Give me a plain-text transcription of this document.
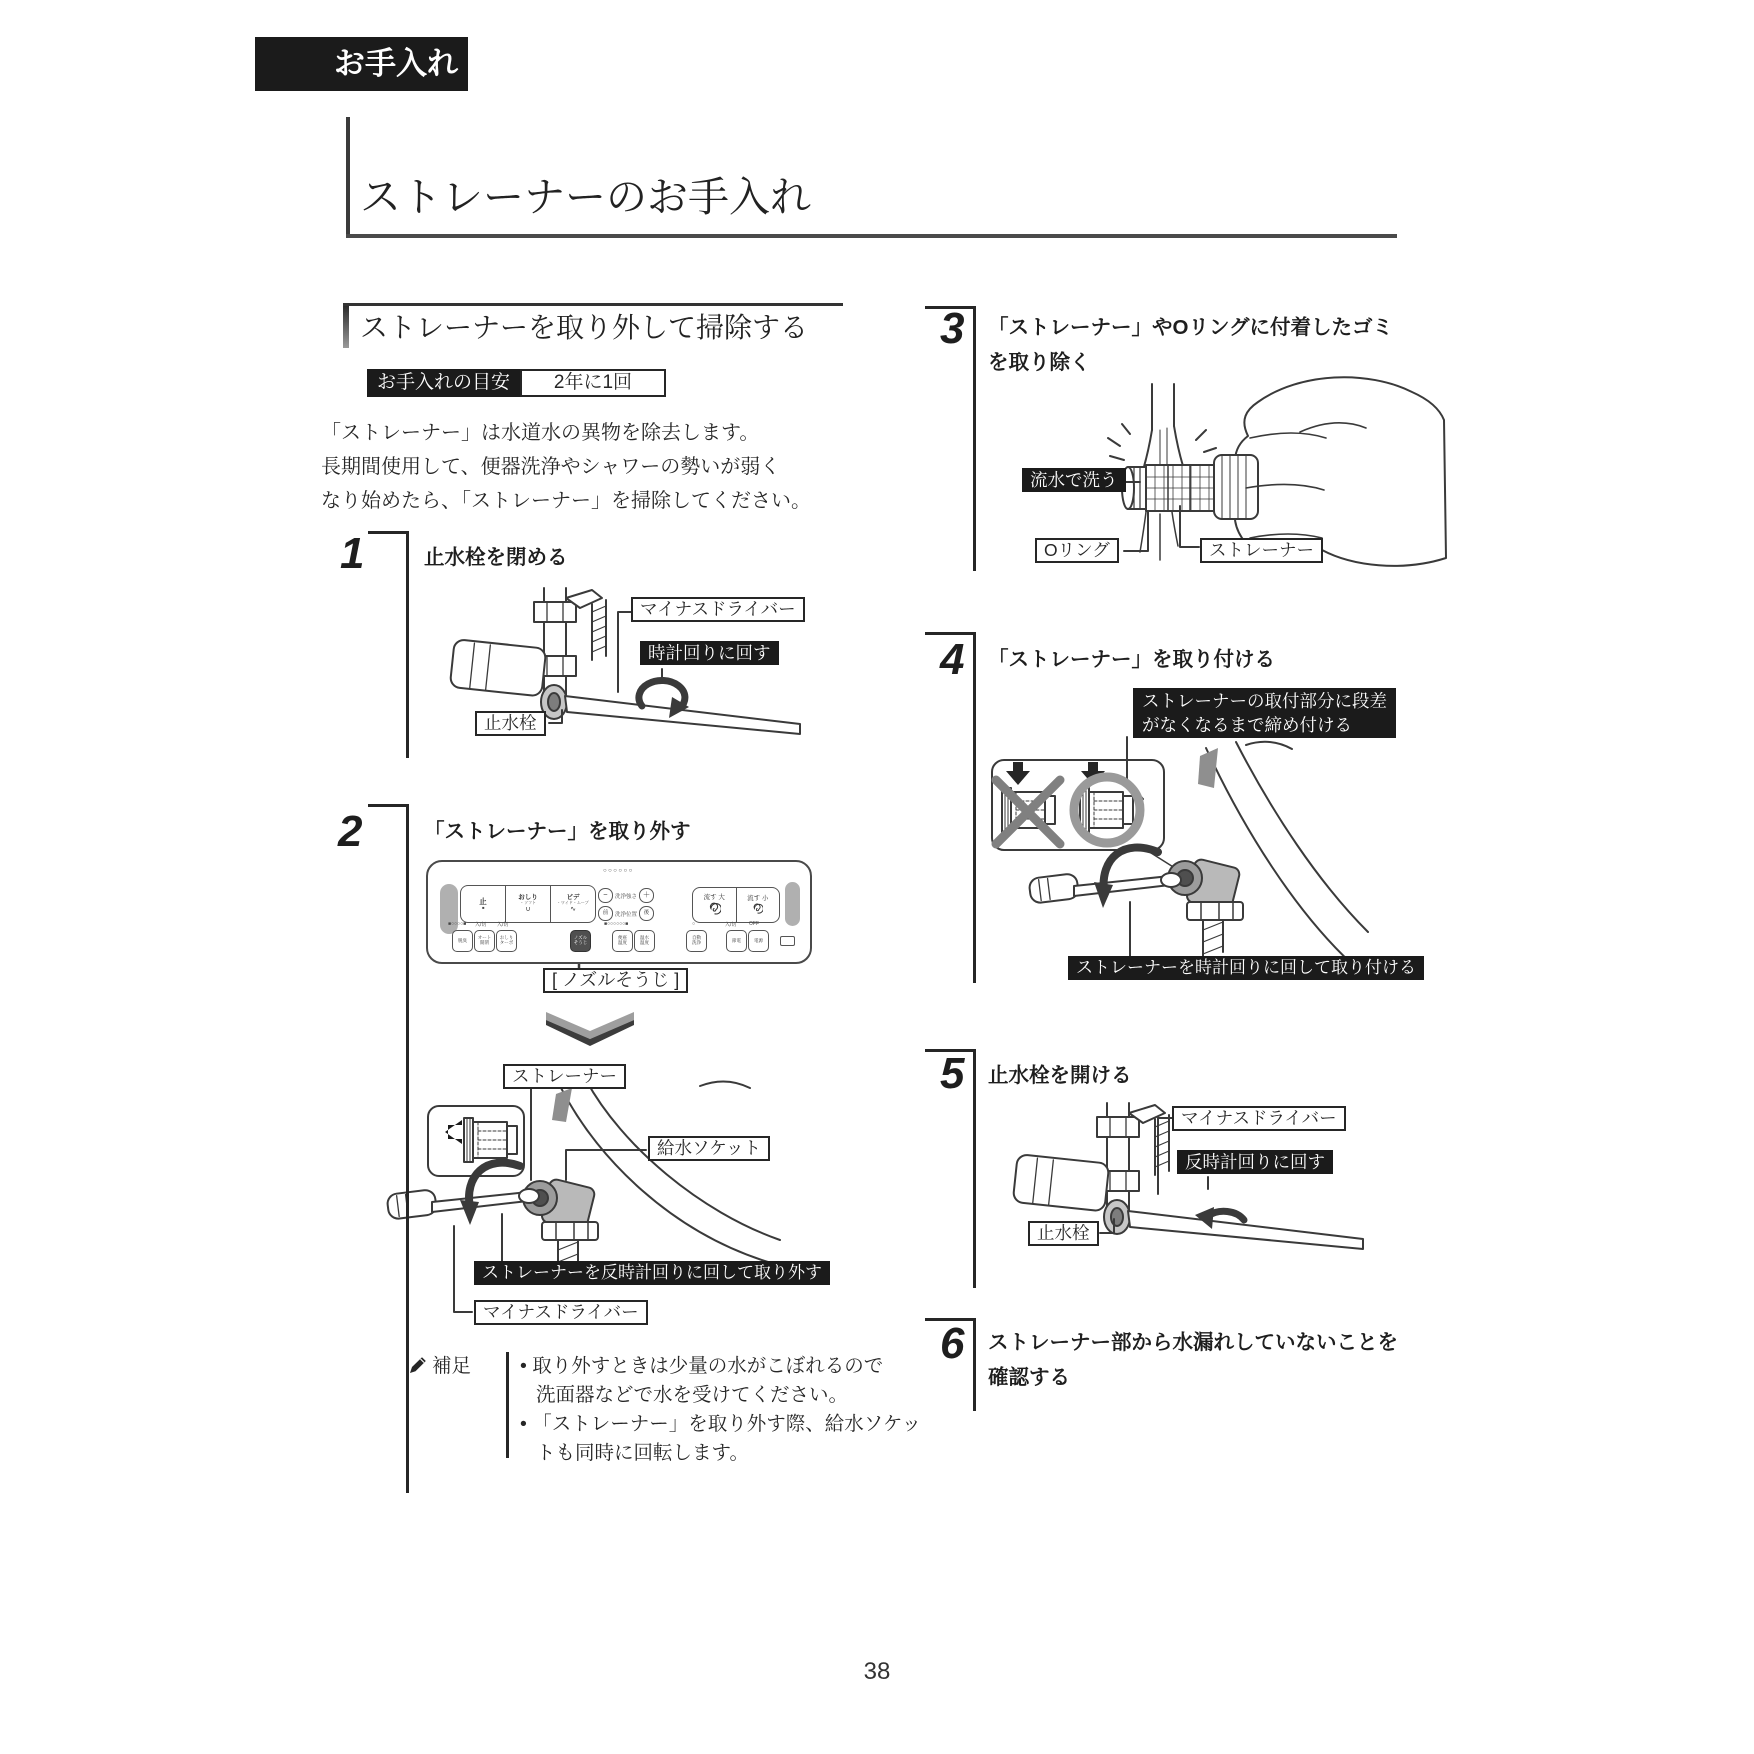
お手入れ
ストレーナーのお手入れ
ストレーナーを取り外して掃除する
お手入れの目安	2年に1回
「ストレーナー」は水道水の異物を除去します。
長期間使用して、便器洗浄やシャワーの勢いが弱く
なり始めたら、「ストレーナー」を掃除してください。
1	止水栓を閉める
マイナスドライバー
時計回りに回す
止水栓
2	「ストレーナー」を取り外す
止
■
おしり
・ソフト
∪
ビデ
・ワイド・ムーブ
∿
○○○○○○
−	洗浄強さ ＋
前	洗浄位置	後
流す 大	流す 小
■○○○○■ 入/切 入/切	■○○○○○○■	○	入/切	OFF
脱臭 オート
開閉
おしり
ターボ
ノズル
そうじ
便座
温度
温水
温度
自動
洗浄	節電	電源
[ ノズルそうじ ]
ストレーナー
給水ソケット
ストレーナーを反時計回りに回して取り外す
マイナスドライバー
補足	• 取り外すときは少量の水がこぼれるので
洗面器などで水を受けてください。
• 「ストレーナー」を取り外す際、給水ソケッ
トも同時に回転します。
3 「ストレーナー」やOリングに付着したゴミ
を取り除く
流水で洗う
Oリング	ストレーナー
4 「ストレーナー」を取り付ける
ストレーナーの取付部分に段差
がなくなるまで締め付ける
ストレーナーを時計回りに回して取り付ける
5 止水栓を開ける
マイナスドライバー
反時計回りに回す
止水栓
6 ストレーナー部から水漏れしていないことを
確認する
38
